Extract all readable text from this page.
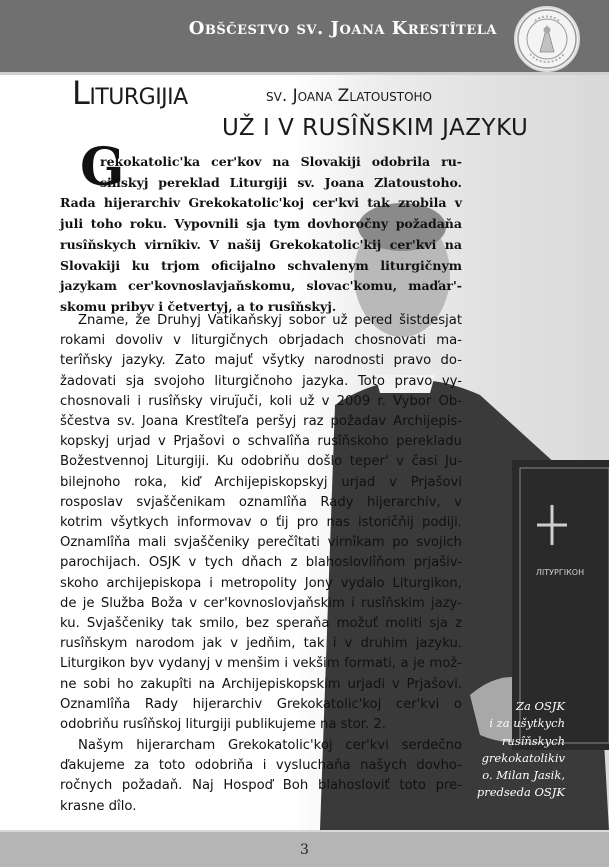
Obščestvo sv. Joana Krestîtela
ЛІТУРГІКОН
Liturgijia	sv. Joana Zlatoustoho
UŽ I V RUSÎŇSKIM JAZYKU
G
rekokatolic'ka cer'kov na Slovakiji odobrila ru-
siňskyj pereklad Liturgiji sv. Joana Zlatoustoho.
Rada hijerarchiv Grekokatolic'koj cer'kvi tak zrobila v
juli toho roku. Vypovnili sja tym dovhoročny požadaňa
rusîňskych virnîkiv. V našij Grekokatolic'kij cer'kvi na
Slovakiji ku trjom oficijalno schvalenym liturgičnym
jazykam cer'kovnoslavjaňskomu, slovac'komu, maďar'-
skomu pribyv i četvertyj, a to rusîňskyj.
Zname, že Druhyj Vatikaňskyj sobor už pered šistdesjat
rokami dovoliv v liturgičnych obrjadach chosnovati ma-
terîňsky jazyky. Zato majuť všytky narodnosti pravo do-
žadovati sja svojoho liturgičnoho jazyka. Toto pravo vy-
chosnovali i rusîňsky viruj̈uči, koli už v 2009 r. Vybor Ob-
ščestva sv. Joana Krestîteľa peršyj raz požadav Archijepis-
kopskyj urjad v Prjašovi o schvalîňa rusîňskoho perekladu
Božestvennoj Liturgiji. Ku odobriňu došlo teper' v časi Ju-
bilejnoho roka, kiď Archijepiskopskyj urjad v Prjašovi
rosposlav svjaščenikam oznamlîňa Rady hijerarchiv, v
kotrim všytkych informovav o ťij pro nas istoričňij podiji.
Oznamlîňa mali svjaščeniky perečîtati virnîkam po svojich
parochijach. OSJK v tych dňach z blahoslovlîňom prjašiv-
skoho archijepiskopa i metropolity Jony vydalo Liturgikon,
de je Služba Boža v cer'kovnoslovjaňskim i rusîňskim jazy-
ku. Svjaščeniky tak smilo, bez speraňa možuť moliti sja z
rusîňskym narodom jak v jedňim, tak i v druhim jazyku.
Liturgikon byv vydanyj v menšim i vekšim formati, a je mož-
ne sobi ho zakupîti na Archijepiskopskim urjadi v Prjašovi.
Oznamlîňa Rady hijerarchiv Grekokatolic'koj cer'kvi o
odobriňu rusîňskoj liturgiji publikujeme na stor. 2.
Našym hijerarcham Grekokatolic'koj cer'kvi serdečno
ďakujeme za toto odobriňa i vysluchaňa našych dovho-
ročnych požadaň. Naj Hospoď Boh blahosloviť toto pre-
krasne dîlo.
Za OSJK
i za ušytkych
rusîňskych
grekokatolikiv
o. Milan Jasik,
predseda OSJK
3
